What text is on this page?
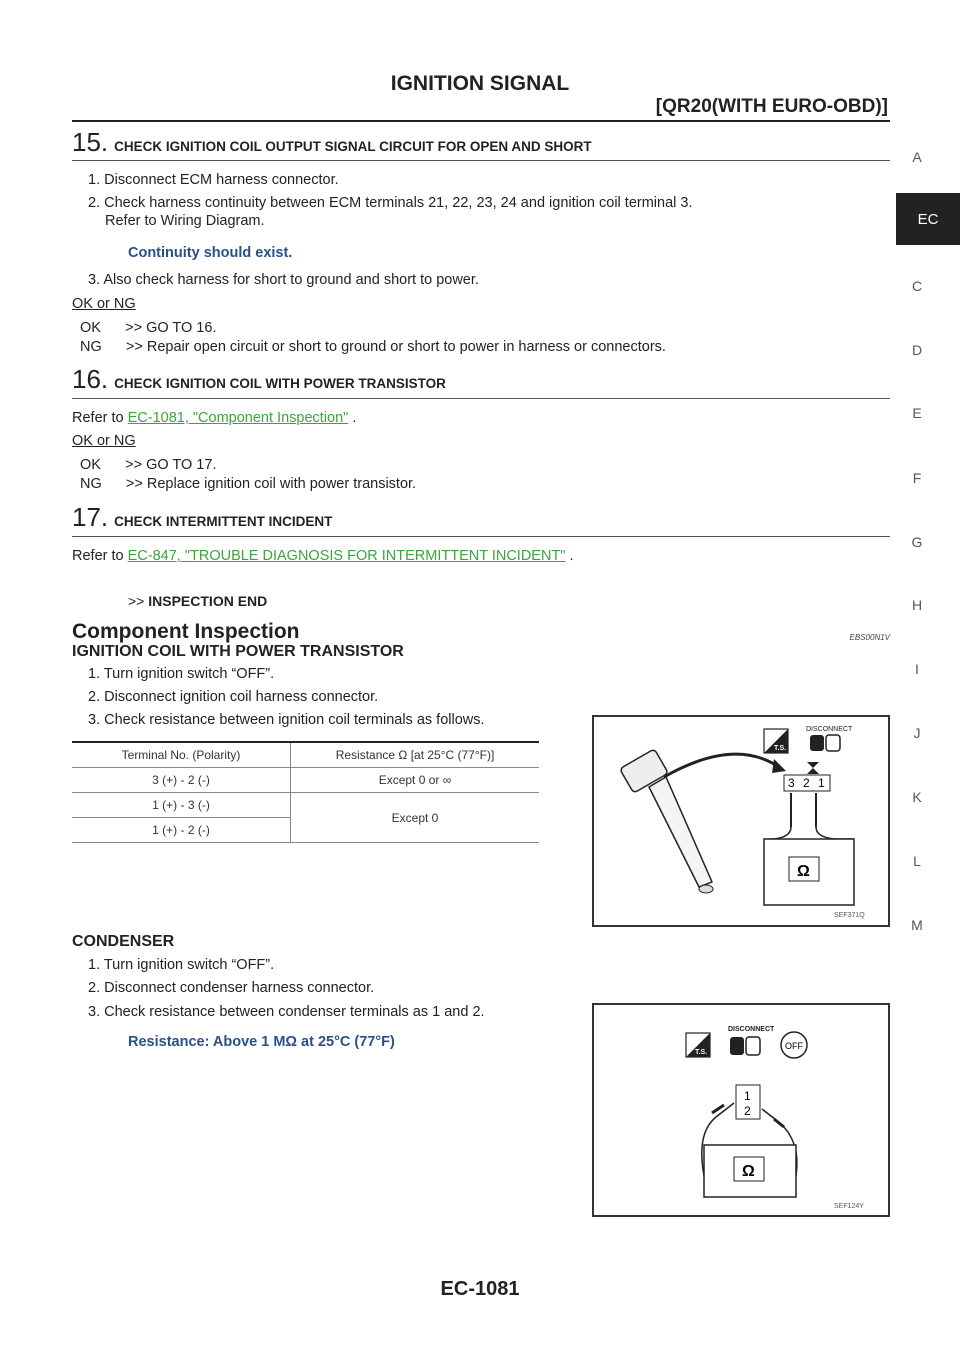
IGNITION SIGNAL
[QR20(WITH EURO-OBD)]
A
C
D
E
F
G
H
I
J
K
L
M
EC
15. CHECK IGNITION COIL OUTPUT SIGNAL CIRCUIT FOR OPEN AND SHORT
1. Disconnect ECM harness connector.
2. Check harness continuity between ECM terminals 21, 22, 23, 24 and ignition coil terminal 3.
Refer to Wiring Diagram.
Continuity should exist.
3. Also check harness for short to ground and short to power.
OK or NG
OK      >> GO TO 16.
NG      >> Repair open circuit or short to ground or short to power in harness or connectors.
16. CHECK IGNITION COIL WITH POWER TRANSISTOR
Refer to EC-1081, "Component Inspection" .
OK or NG
OK      >> GO TO 17.
NG      >> Replace ignition coil with power transistor.
17. CHECK INTERMITTENT INCIDENT
Refer to EC-847, "TROUBLE DIAGNOSIS FOR INTERMITTENT INCIDENT" .
>> INSPECTION END
Component Inspection	EBS00N1V
IGNITION COIL WITH POWER TRANSISTOR
1. Turn ignition switch “OFF”.
2. Disconnect ignition coil harness connector.
3. Check resistance between ignition coil terminals as follows.
Terminal No. (Polarity)	Resistance Ω [at 25°C (77°F)]
3 (+) - 2 (-)	Except 0 or ∞
1 (+) - 3 (-)	Except 0
1 (+) - 2 (-)	
T.S.
DISCONNECT
3 2 1
Ω
SEF371Q
CONDENSER
1. Turn ignition switch “OFF”.
2. Disconnect condenser harness connector.
3. Check resistance between condenser terminals as 1 and 2.
Resistance: Above 1 MΩ at 25°C (77°F)
T.S.
DISCONNECT
OFF
1
2
Ω
SEF124Y
EC-1081
